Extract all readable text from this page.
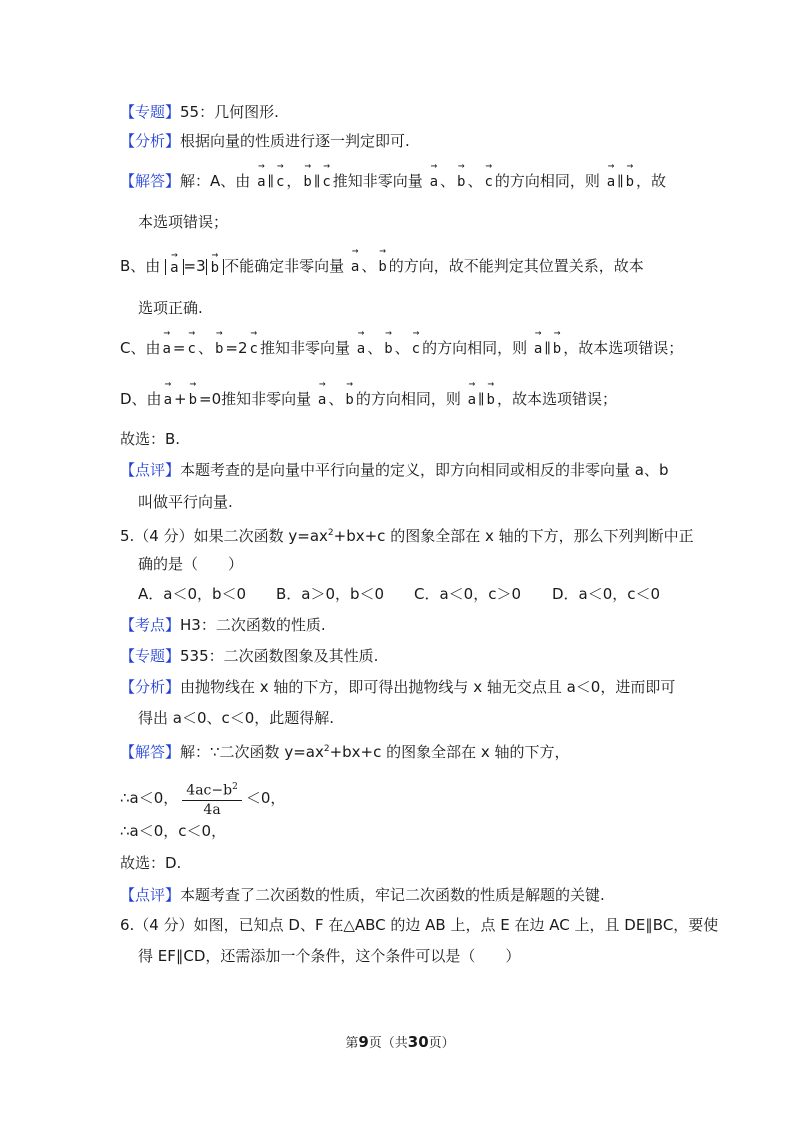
【专题】55：几何图形.
【分析】根据向量的性质进行逐一判定即可.
【解答】解：A、由 → a ∥ → c ， → b ∥ → c 推知非零向量 → a 、 → b 、 → c 的方向相同，则 → a ∥ → b ，故
本选项错误；
B、由 → a =3 → b 不能确定非零向量 → a 、 → b 的方向，故不能判定其位置关系，故本
选项正确.
C、由 → a = → c 、 → b =2 → c 推知非零向量 → a 、 → b 、 → c 的方向相同，则 → a ∥ → b ，故本选项错误；
D、由 → a + → b =0推知非零向量 → a 、 → b 的方向相同，则 → a ∥ → b ，故本选项错误；
故选：B.
【点评】本题考查的是向量中平行向量的定义，即方向相同或相反的非零向量 a、b
叫做平行向量.
5.（4 分）如果二次函数 $y=ax^2+bx+c$ 的图象全部在 x 轴的下方，那么下列判断中正
确的是（　　）
A．a＜0，b＜0 B．a＞0，b＜0 C．a＜0，c＞0 D．a＜0，c＜0
【考点】H3：二次函数的性质.
【专题】535：二次函数图象及其性质.
【分析】由抛物线在 x 轴的下方，即可得出抛物线与 x 轴无交点且 a＜0，进而即可
得出 a＜0、c＜0，此题得解.
【解答】解：∵二次函数 $y=ax^2+bx+c$ 的图象全部在 x 轴的下方，
∴a＜0， $\frac{4ac-b^2}{4a} <0$，
∴a＜0，c＜0，
故选：D.
【点评】本题考查了二次函数的性质，牢记二次函数的性质是解题的关键.
6.（4 分）如图，已知点 D、F 在△ABC 的边 AB 上，点 E 在边 AC 上，且 DE∥BC，要使
得 EF∥CD，还需添加一个条件，这个条件可以是（　　）
第9页（共30页）
